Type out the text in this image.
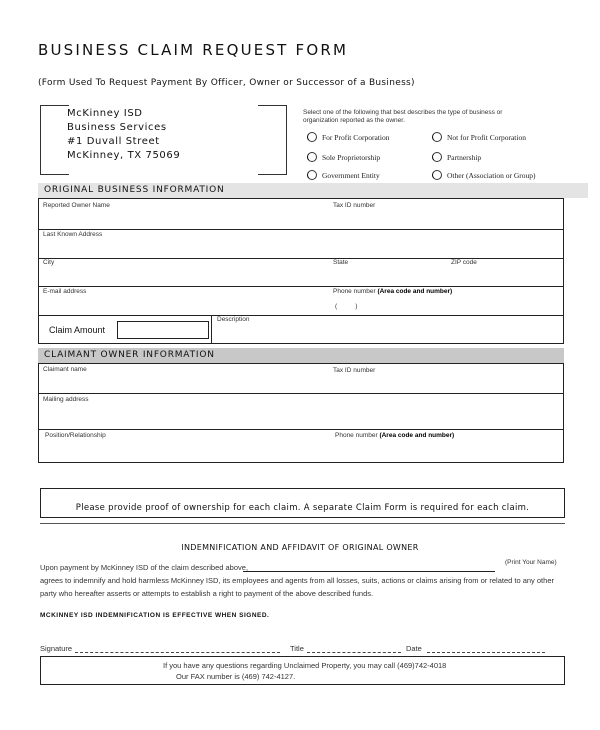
BUSINESS CLAIM REQUEST FORM
(Form Used To Request Payment By Officer, Owner or Successor of a Business)
McKinney ISD
Business Services
#1 Duvall Street
McKinney, TX 75069
Select one of the following that best describes the type of business or
organization reported as the owner.
For Profit Corporation	Not for Profit Corporation
Sole Proprietorship	Partnership
Government Entity	Other (Association or Group)
ORIGINAL BUSINESS INFORMATION
Reported Owner Name	Tax ID number
Last Known Address
City	State	ZIP code
E-mail address	Phone number (Area code and number)
(          )
Claim Amount
Description
CLAIMANT OWNER INFORMATION
Claimant name	Tax ID number
Mailing address
Position/Relationship	Phone number (Area code and number)
Please provide proof of ownership for each claim. A separate Claim Form is required for each claim.
INDEMNIFICATION AND AFFIDAVIT OF ORIGINAL OWNER
Upon payment by McKinney ISD of the claim described above,
(Print Your Name)
agrees to indemnify and hold harmless McKinney ISD, its employees and agents from all losses, suits, actions or claims arising from or related to any other
party who hereafter asserts or attempts to establish a right to payment of the above described funds.
MCKINNEY ISD INDEMNIFICATION IS EFFECTIVE WHEN SIGNED.
Signature	Title	Date
If you have any questions regarding Unclaimed Property, you may call (469)742-4018
Our FAX number is (469) 742-4127.
